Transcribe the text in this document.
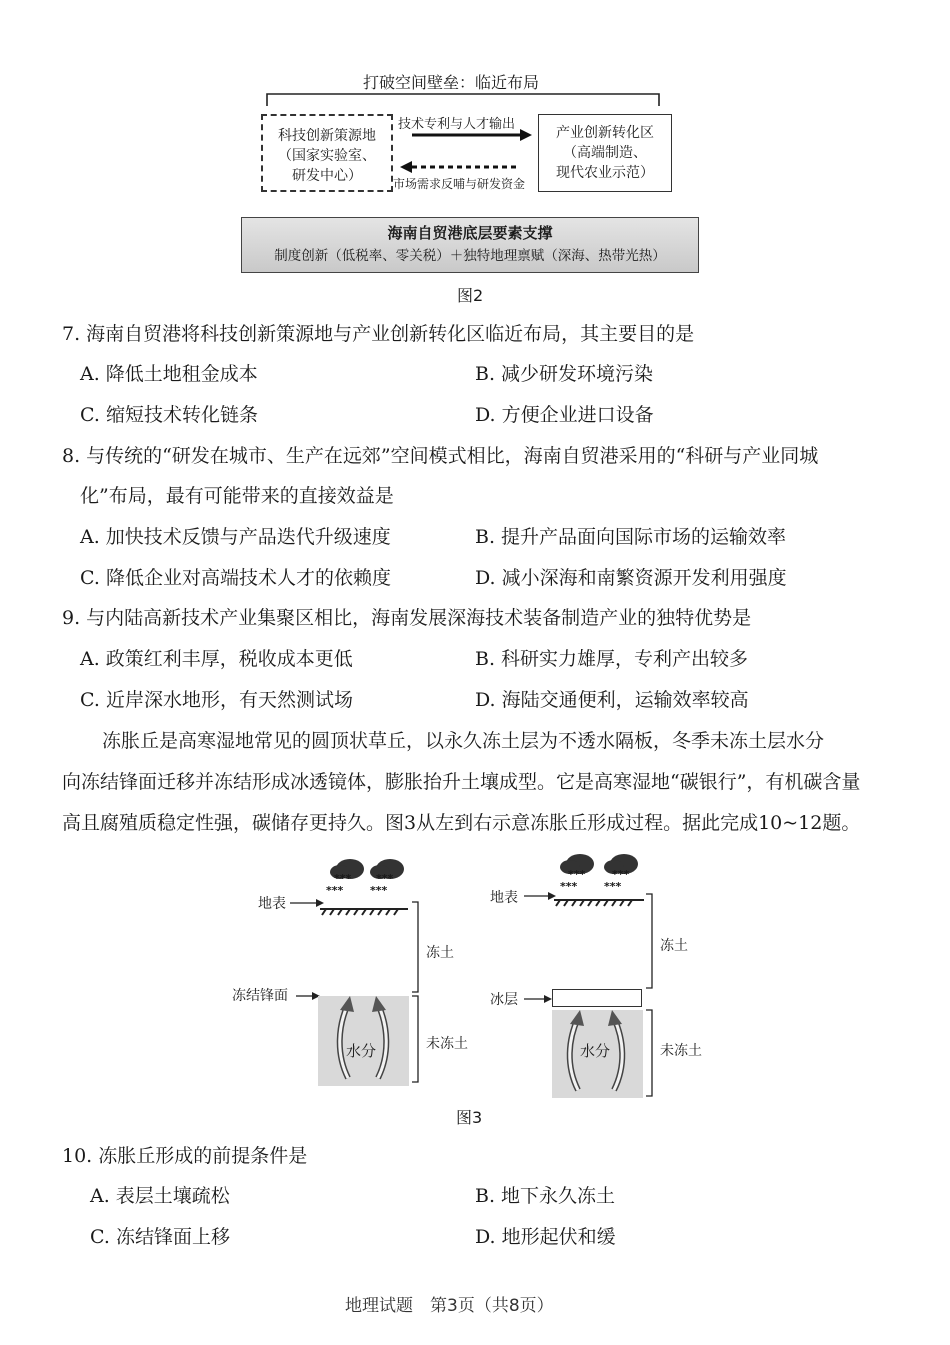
打破空间壁垒：临近布局
科技创新策源地
（国家实验室、
研发中心）
产业创新转化区
（高端制造、
现代农业示范）
技术专利与人才输出
市场需求反哺与研发资金
海南自贸港底层要素支撑
制度创新（低税率、零关税）＋独特地理禀赋（深海、热带光热）
图2
7. 海南自贸港将科技创新策源地与产业创新转化区临近布局，其主要目的是
A. 降低土地租金成本	B. 减少研发环境污染
C. 缩短技术转化链条	D. 方便企业进口设备
8. 与传统的“研发在城市、生产在远郊”空间模式相比，海南自贸港采用的“科研与产业同城
化”布局，最有可能带来的直接效益是
A. 加快技术反馈与产品迭代升级速度	B. 提升产品面向国际市场的运输效率
C. 降低企业对高端技术人才的依赖度	D. 减小深海和南繁资源开发利用强度
9. 与内陆高新技术产业集聚区相比，海南发展深海技术装备制造产业的独特优势是
A. 政策红利丰厚，税收成本更低	B. 科研实力雄厚，专利产出较多
C. 近岸深水地形，有天然测试场	D. 海陆交通便利，运输效率较高
冻胀丘是高寒湿地常见的圆顶状草丘，以永久冻土层为不透水隔板，冬季未冻土层水分
向冻结锋面迁移并冻结形成冰透镜体，膨胀抬升土壤成型。它是高寒湿地“碳银行”，有机碳含量
高且腐殖质稳定性强，碳储存更持久。图3从左到右示意冻胀丘形成过程。据此完成10~12题。
***
***
***
***
地表
冻土
冻结锋面
水分	未冻土
***
***
***
***
地表
冻土
冰层
水分	未冻土
图3
10. 冻胀丘形成的前提条件是
A. 表层土壤疏松	B. 地下永久冻土
C. 冻结锋面上移	D. 地形起伏和缓
地理试题　第3页（共8页）
